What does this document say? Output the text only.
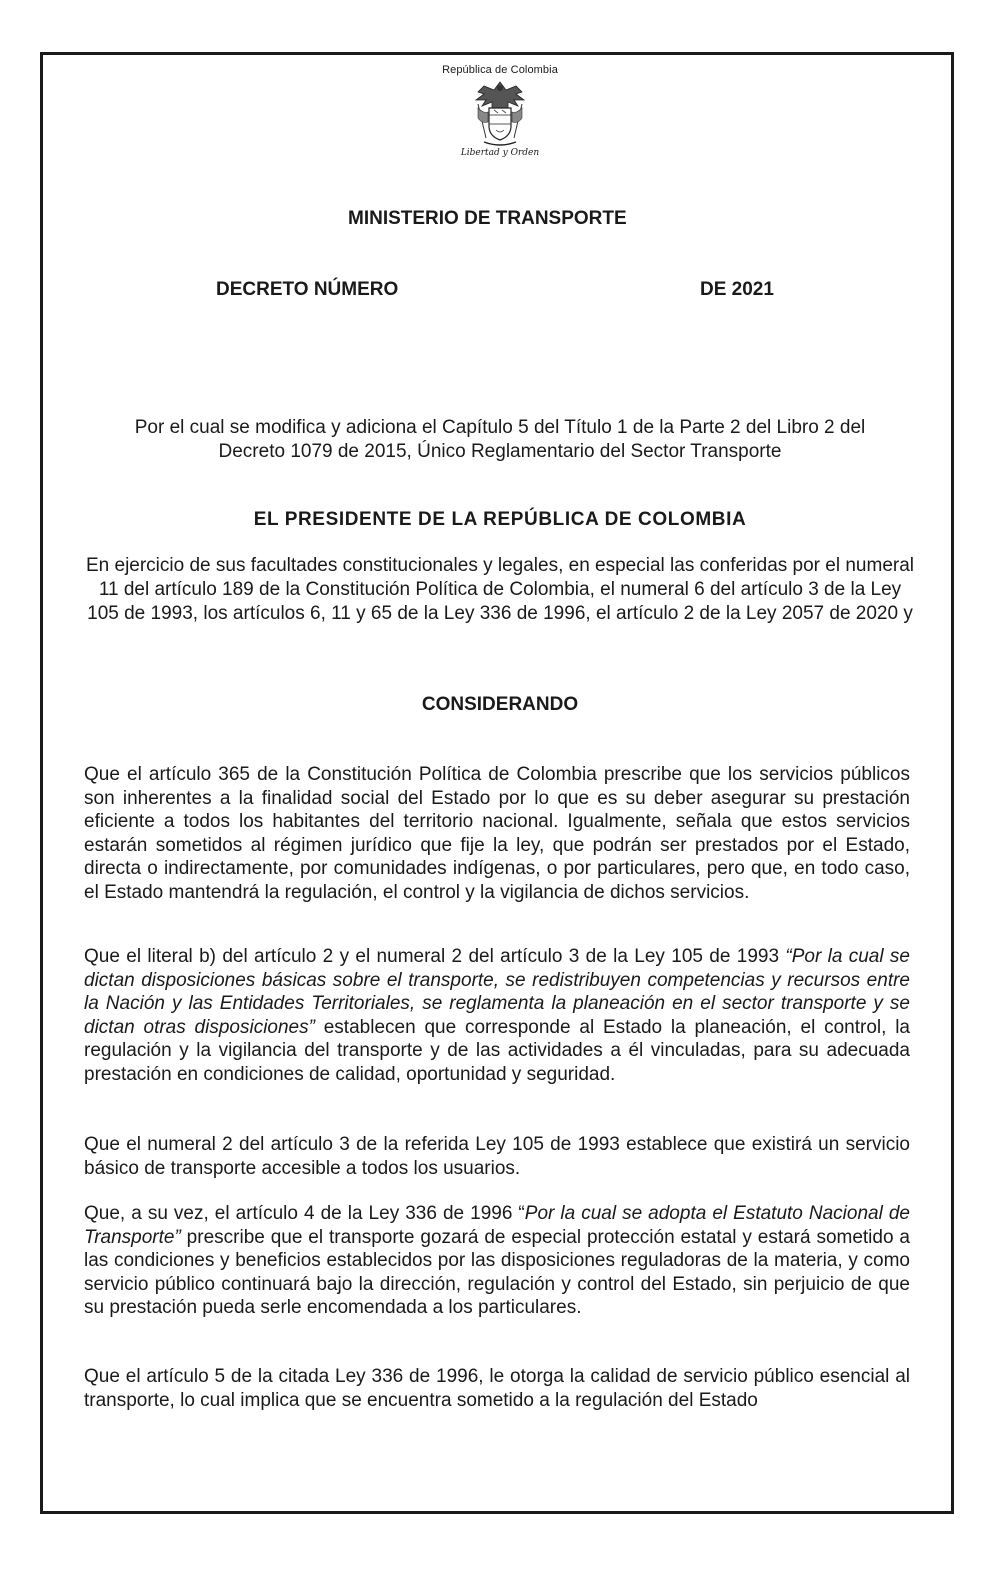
República de Colombia
Libertad y Orden
MINISTERIO DE TRANSPORTE
DECRETO NÚMERO	DE 2021
Por el cual se modifica y adiciona el Capítulo 5 del Título 1 de la Parte 2 del Libro 2 del Decreto 1079 de 2015, Único Reglamentario del Sector Transporte
EL PRESIDENTE DE LA REPÚBLICA DE COLOMBIA
En ejercicio de sus facultades constitucionales y legales, en especial las conferidas por el numeral 11 del artículo 189 de la Constitución Política de Colombia, el numeral 6 del artículo 3 de la Ley 105 de 1993, los artículos 6, 11 y 65 de la Ley 336 de 1996, el artículo 2 de la Ley 2057 de 2020 y
CONSIDERANDO
Que el artículo 365 de la Constitución Política de Colombia prescribe que los servicios públicos son inherentes a la finalidad social del Estado por lo que es su deber asegurar su prestación eficiente a todos los habitantes del territorio nacional. Igualmente, señala que estos servicios estarán sometidos al régimen jurídico que fije la ley, que podrán ser prestados por el Estado, directa o indirectamente, por comunidades indígenas, o por particulares, pero que, en todo caso, el Estado mantendrá la regulación, el control y la vigilancia de dichos servicios.
Que el literal b) del artículo 2 y el numeral 2 del artículo 3 de la Ley 105 de 1993 “Por la cual se dictan disposiciones básicas sobre el transporte, se redistribuyen competencias y recursos entre la Nación y las Entidades Territoriales, se reglamenta la planeación en el sector transporte y se dictan otras disposiciones” establecen que corresponde al Estado la planeación, el control, la regulación y la vigilancia del transporte y de las actividades a él vinculadas, para su adecuada prestación en condiciones de calidad, oportunidad y seguridad.
Que el numeral 2 del artículo 3 de la referida Ley 105 de 1993 establece que existirá un servicio básico de transporte accesible a todos los usuarios.
Que, a su vez, el artículo 4 de la Ley 336 de 1996 “Por la cual se adopta el Estatuto Nacional de Transporte” prescribe que el transporte gozará de especial protección estatal y estará sometido a las condiciones y beneficios establecidos por las disposiciones reguladoras de la materia, y como servicio público continuará bajo la dirección, regulación y control del Estado, sin perjuicio de que su prestación pueda serle encomendada a los particulares.
Que el artículo 5 de la citada Ley 336 de 1996, le otorga la calidad de servicio público esencial al transporte, lo cual implica que se encuentra sometido a la regulación del Estado
